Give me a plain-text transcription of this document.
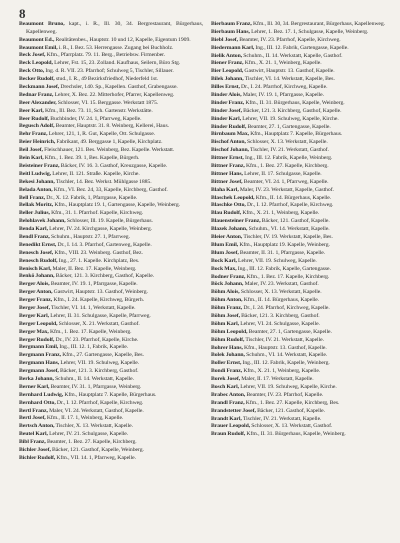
8

Beaumont Bruno, kapt., i. R., Ill. 30, 34. Bergrestaurant, Bürgerhaus, Kapellenweg.

Beaumont Ed., Realitätenbes., Hauptstr. 10 und 12, Kapelle, Eigentum 1909.

Beaumont Emil, i. R., I. Bez. 53. Herrengasse. Zugang bei Buchholz.

Beck Josef, Kfm., Pfarrplatz. 79. 11. Berg., Betriebsw. Firmenber.

Beck Leopold, Lehrer, Fst. 15, 23. Zolland. Kaufhaus, Seilern, Büro Stg.

Beck Otto, Ing. d. R. VII. 23. Pfarrhof; Schulweg 5, Tischler, Sillauer.

Becker Rudolf, stud., I. R., 49 Bezirksfriedhof, Niederfeld 1st.

Beckmann Josef, Drechsler, 140. Sp., Kapellen. Gasthof, Grabengasse.

Bednar Franz, Lehrer, X. Bez. 22. Mitterhofer, Pfarrer, Kapellenweg.

Beer Alexander, Schlosser, VI. 15. Berggasse. Werkstatt 1875.

Beer Karl, Kfm., Ill. Bez. 73. 11, Sch. Gartenstr. Werkstätte.

Beer Rudolf, Buchbinder, IV. 24. 1, Pfarrweg, Kapelle.

Begusch Adolf, Beamter, Hauptstr. 31. 8. Weinberg, Kellerei, Haus.

Behr Franz, Lehrer, 121, 1, R. Gut, Kapelle, Ott. Schulgasse.

Beier Heinrich, Fabrikant, 49. Berggasse 1, Kapelle, Kirchplatz.

Beil Josef, Fleischhauer, 121. Bes. Weinberg, Bez. Kapelle. Werkstatt.

Bein Karl, Kfm., 1. Bez. 39. 1, Bes. Kapelle, Bürgerh.

Beisteiner Franz, Bäcker, IV. 16. 3. Gasthof, Kreuzgasse, Kapelle.

Beitl Ludwig, Lehrer, II. 121. Straße. Kapelle, Kirche.

Bekesi Johann, Tischler, 14. Bez. Werkst. Mühlgasse 1885.

Belada Anton, Kfm., VI. Bez. 24, 33, Kapelle, Kirchberg, Gasthof.

Bell Franz, Dr., X. 12. Fabrik, 1, Pfarrgasse, Kapelle.

Bellak Moritz, Kfm., Hauptplatz 19. 1, Gartengasse, Kapelle, Weinberg.

Beller Julius, Kfm., 31. 1. Pfarrhof. Kapelle, Kirchweg.

Belohlavek Johann, Schlosser, Ill. 19. Kapelle, Bürgerhaus.

Benda Karl, Lehrer, IV. 24. Kirchgasse, Kapelle, Weinberg.

Bendl Franz, Schuhm., Hauptstr. 27. 1, Pfarrweg.

Benedikt Ernst, Dr., I. 14. 3. Pfarrhof, Gartenweg, Kapelle.

Benesch Josef, Kfm., VIII. 23. Weinberg. Gasthof, Bez.

Benesch Rudolf, Ing., 27. 1. Kapelle. Kirchplatz, Bes.

Benisch Karl, Maler, II. Bez. 17. Kapelle, Weinberg.

Benkö Johann, Bäcker, 121. 3. Kirchberg, Gasthof, Kapelle.

Berger Alois, Beamter, IV. 19. 1, Pfarrgasse, Kapelle.

Berger Anton, Gastwirt, Hauptstr. 13. Gasthof, Weinberg.

Berger Franz, Kfm., I. 24. Kapelle, Kirchweg, Bürgerh.

Berger Josef, Tischler, VI. 14. 1, Werkstatt, Kapelle.

Berger Karl, Lehrer, II. 31. Schulgasse, Kapelle, Pfarrweg.

Berger Leopold, Schlosser, X. 21. Werkstatt, Gasthof.

Berger Max, Kfm., 1. Bez. 17. Kapelle, Weinberg.

Berger Rudolf, Dr., IV. 23. Pfarrhof, Kapelle, Kirche.

Bergmann Emil, Ing., III. 12. 1, Fabrik, Kapelle.

Bergmann Franz, Kfm., 27. Gartengasse, Kapelle, Bes.

Bergmann Hans, Lehrer, VII. 19. Schulweg, Kapelle.

Bergmann Josef, Bäcker, 121. 3. Kirchberg, Gasthof.

Berka Johann, Schuhm., II. 14. Werkstatt, Kapelle.

Berner Karl, Beamter, IV. 31. 1, Pfarrgasse, Weinberg.

Bernhard Ludwig, Kfm., Hauptplatz 7. Kapelle, Bürgerhaus.

Bernhard Otto, Dr., I. 12. Pfarrhof, Kapelle, Kirchweg.

Bertl Franz, Maler, VI. 24. Werkstatt, Gasthof, Kapelle.

Bertl Josef, Kfm., II. 17. 1, Weinberg, Kapelle.

Bertsch Anton, Tischler, X. 13. Werkstatt, Kapelle.

Beutel Karl, Lehrer, IV. 21. Schulgasse, Kapelle.

Bibl Franz, Beamter, 1. Bez. 27. Kapelle, Kirchberg.

Bichler Josef, Bäcker, 121. Gasthof, Kapelle, Weinberg.

Bichler Rudolf, Kfm., VII. 14. 1, Pfarrweg, Kapelle.

Bierbaum Franz, Kfm., Ill. 30, 34. Bergrestaurant, Bürgerhaus, Kapellenweg.

Bierbaum Hans, Lehrer, 1. Bez. 17. 1, Schulgasse, Kapelle, Weinberg.

Biebl Josef, Beamter, IV. 23. Pfarrhof, Kapelle, Kirchweg.

Biedermann Karl, Ing., III. 12. Fabrik, Gartengasse, Kapelle.

Bielik Anton, Schuhm., II. 14. Werkstatt, Kapelle, Gasthof.

Biener Franz, Kfm., X. 21. 1, Weinberg, Kapelle.

Bier Leopold, Gastwirt, Hauptstr. 13. Gasthof, Kapelle.

Bilek Johann, Tischler, VI. 14. Werkstatt, Kapelle, Bes.

Billes Ernst, Dr., I. 24. Pfarrhof, Kirchweg, Kapelle.

Binder Alois, Maler, IV. 19. 1, Pfarrgasse, Kapelle.

Binder Franz, Kfm., II. 31. Bürgerhaus, Kapelle, Weinberg.

Binder Josef, Bäcker, 121. 3. Kirchberg, Gasthof, Kapelle.

Binder Karl, Lehrer, VII. 19. Schulweg, Kapelle, Kirche.

Binder Rudolf, Beamter, 27. 1, Gartengasse, Kapelle.

Birnbaum Max, Kfm., Hauptplatz 7. Kapelle, Bürgerhaus.

Bischof Anton, Schlosser, X. 13. Werkstatt, Kapelle.

Bischof Johann, Tischler, IV. 21. Werkstatt, Gasthof.

Bittner Ernst, Ing., III. 12. Fabrik, Kapelle, Weinberg.

Bittner Franz, Kfm., 1. Bez. 27. Kapelle, Kirchberg.

Bittner Hans, Lehrer, II. 17. Schulgasse, Kapelle.

Bittner Josef, Beamter, VI. 24. 1, Pfarrweg, Kapelle.

Blaha Karl, Maler, IV. 23. Werkstatt, Kapelle, Gasthof.

Blaschek Leopold, Kfm., II. 14. Bürgerhaus, Kapelle.

Blaschke Otto, Dr., I. 12. Pfarrhof, Kapelle, Kirchweg.

Blau Rudolf, Kfm., X. 21. 1, Weinberg, Kapelle.

Blauensteiner Franz, Bäcker, 121. Gasthof, Kapelle.

Blazek Johann, Schuhm., VI. 14. Werkstatt, Kapelle.

Bleier Anton, Tischler, IV. 19. Werkstatt, Kapelle, Bes.

Blum Emil, Kfm., Hauptplatz 19. Kapelle, Weinberg.

Blum Josef, Beamter, II. 31. 1, Pfarrgasse, Kapelle.

Bock Karl, Lehrer, VII. 19. Schulweg, Kapelle.

Bock Max, Ing., III. 12. Fabrik, Kapelle, Gartengasse.

Bodner Franz, Kfm., 1. Bez. 17. Kapelle, Kirchberg.

Böck Johann, Maler, IV. 23. Werkstatt, Gasthof.

Böhm Alois, Schlosser, X. 13. Werkstatt, Kapelle.

Böhm Anton, Kfm., II. 14. Bürgerhaus, Kapelle.

Böhm Franz, Dr., I. 24. Pfarrhof, Kirchweg, Kapelle.

Böhm Josef, Bäcker, 121. 3. Kirchberg, Gasthof.

Böhm Karl, Lehrer, VI. 24. Schulgasse, Kapelle.

Böhm Leopold, Beamter, 27. 1, Gartengasse, Kapelle.

Böhm Rudolf, Tischler, IV. 21. Werkstatt, Kapelle.

Bohrer Hans, Kfm., Hauptstr. 13. Gasthof, Kapelle.

Bolek Johann, Schuhm., VI. 14. Werkstatt, Kapelle.

Boller Ernst, Ing., III. 12. Fabrik, Kapelle, Weinberg.

Bondi Franz, Kfm., X. 21. 1, Weinberg, Kapelle.

Borek Josef, Maler, II. 17. Werkstatt, Kapelle.

Bosch Karl, Lehrer, VII. 19. Schulweg, Kapelle, Kirche.

Brabec Anton, Beamter, IV. 23. Pfarrhof, Kapelle.

Brandl Franz, Kfm., 1. Bez. 27. Kapelle, Kirchberg, Bes.

Brandstetter Josef, Bäcker, 121. Gasthof, Kapelle.

Brandt Karl, Tischler, IV. 21. Werkstatt, Kapelle.

Brauer Leopold, Schlosser, X. 13. Werkstatt, Gasthof.

Braun Rudolf, Kfm., II. 31. Bürgerhaus, Kapelle, Weinberg.
